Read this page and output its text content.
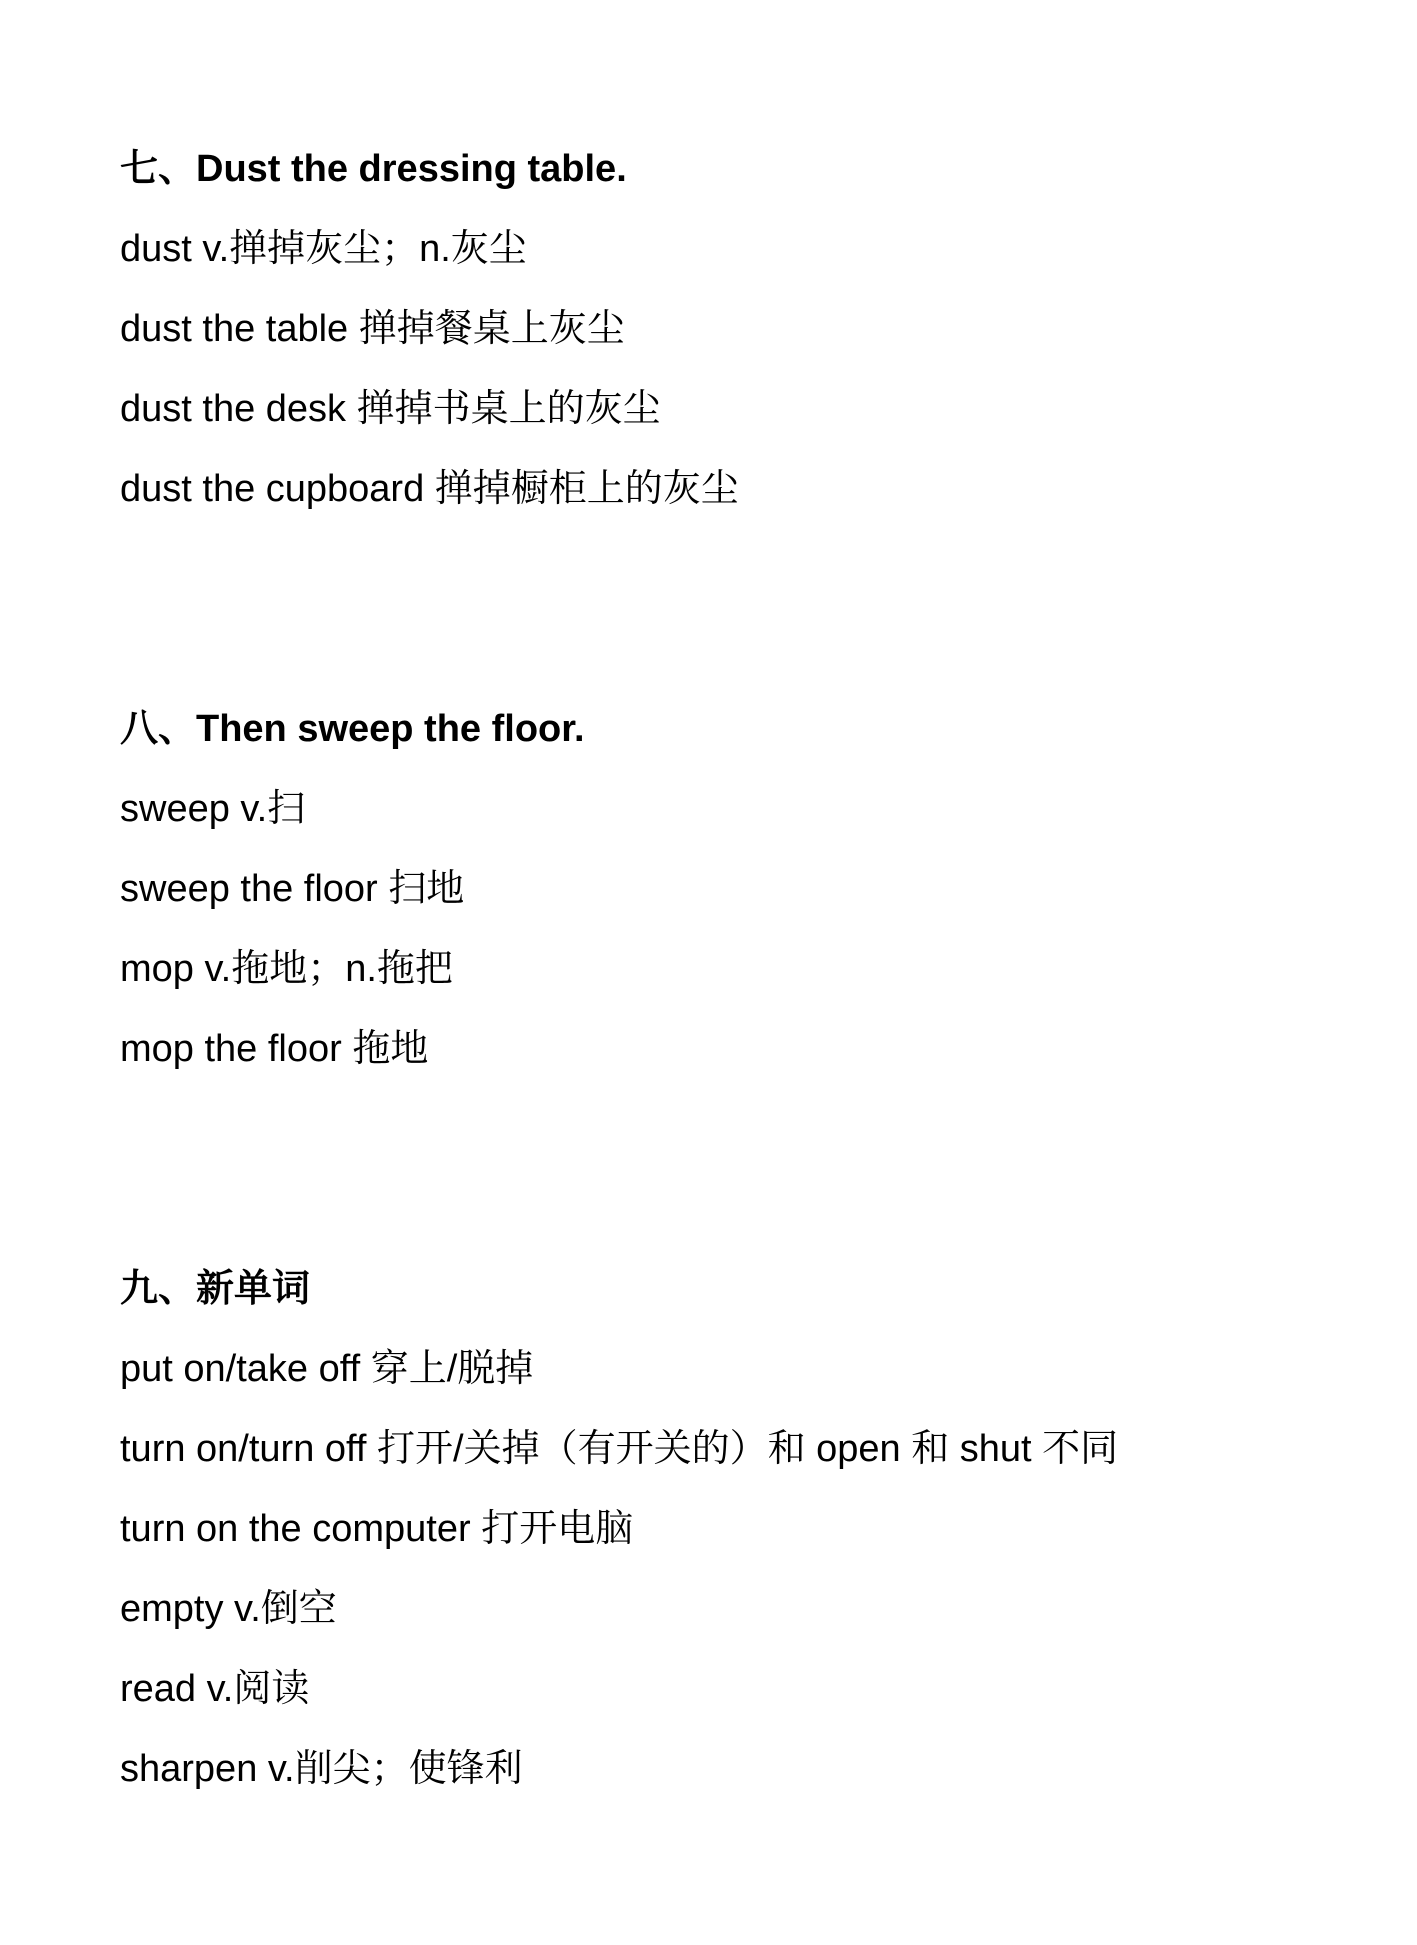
七、Dust the dressing table.

dust v.掸掉灰尘；n.灰尘

dust the table 掸掉餐桌上灰尘

dust the desk 掸掉书桌上的灰尘

dust the cupboard 掸掉橱柜上的灰尘

八、Then sweep the floor.

sweep v.扫

sweep the floor 扫地

mop v.拖地；n.拖把

mop the floor 拖地

九、新单词

put on/take off 穿上/脱掉

turn on/turn off 打开/关掉（有开关的）和 open 和 shut 不同

turn on the computer 打开电脑

empty v.倒空

read v.阅读

sharpen v.削尖；使锋利
